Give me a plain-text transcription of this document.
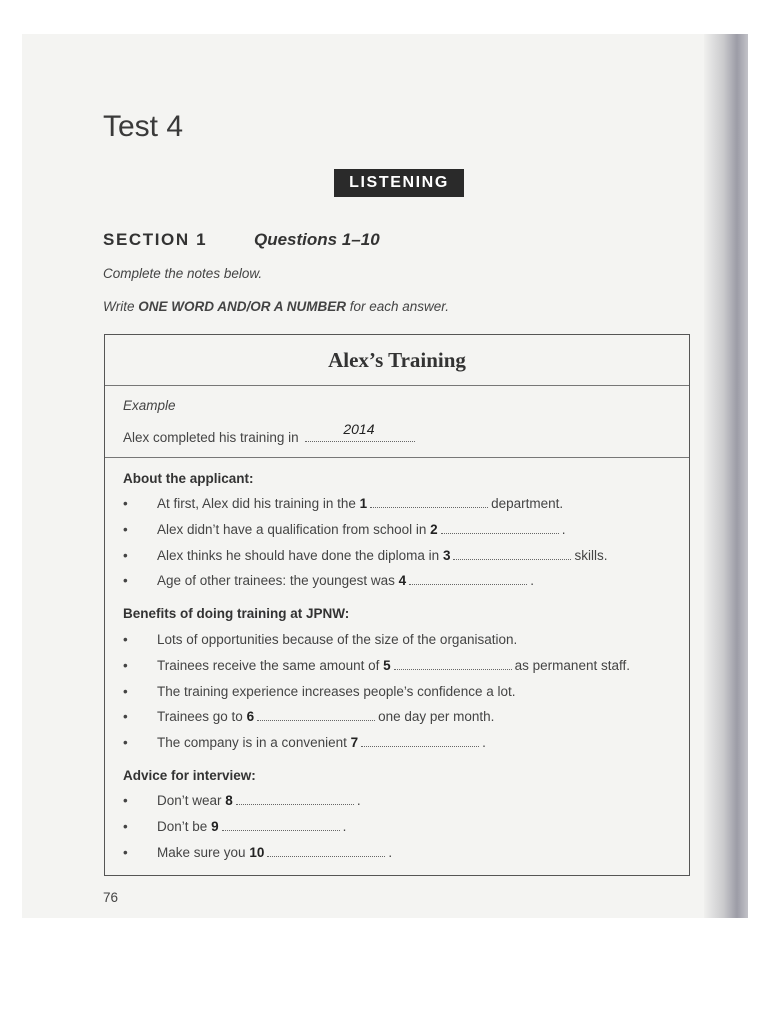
Test 4
LISTENING
SECTION 1	Questions 1–10
Complete the notes below.
Write ONE WORD AND/OR A NUMBER for each answer.
Alex’s Training
Example
Alex completed his training in
2014
About the applicant:
• At first, Alex did his training in the 1	department.
• Alex didn’t have a qualification from school in 2	.
• Alex thinks he should have done the diploma in 3	skills.
• Age of other trainees: the youngest was 4	.
Benefits of doing training at JPNW:
• Lots of opportunities because of the size of the organisation.
• Trainees receive the same amount of 5	as permanent staff.
• The training experience increases people’s confidence a lot.
• Trainees go to 6	one day per month.
• The company is in a convenient 7	.
Advice for interview:
• Don’t wear 8	.
• Don’t be 9	.
• Make sure you 10	.
76
